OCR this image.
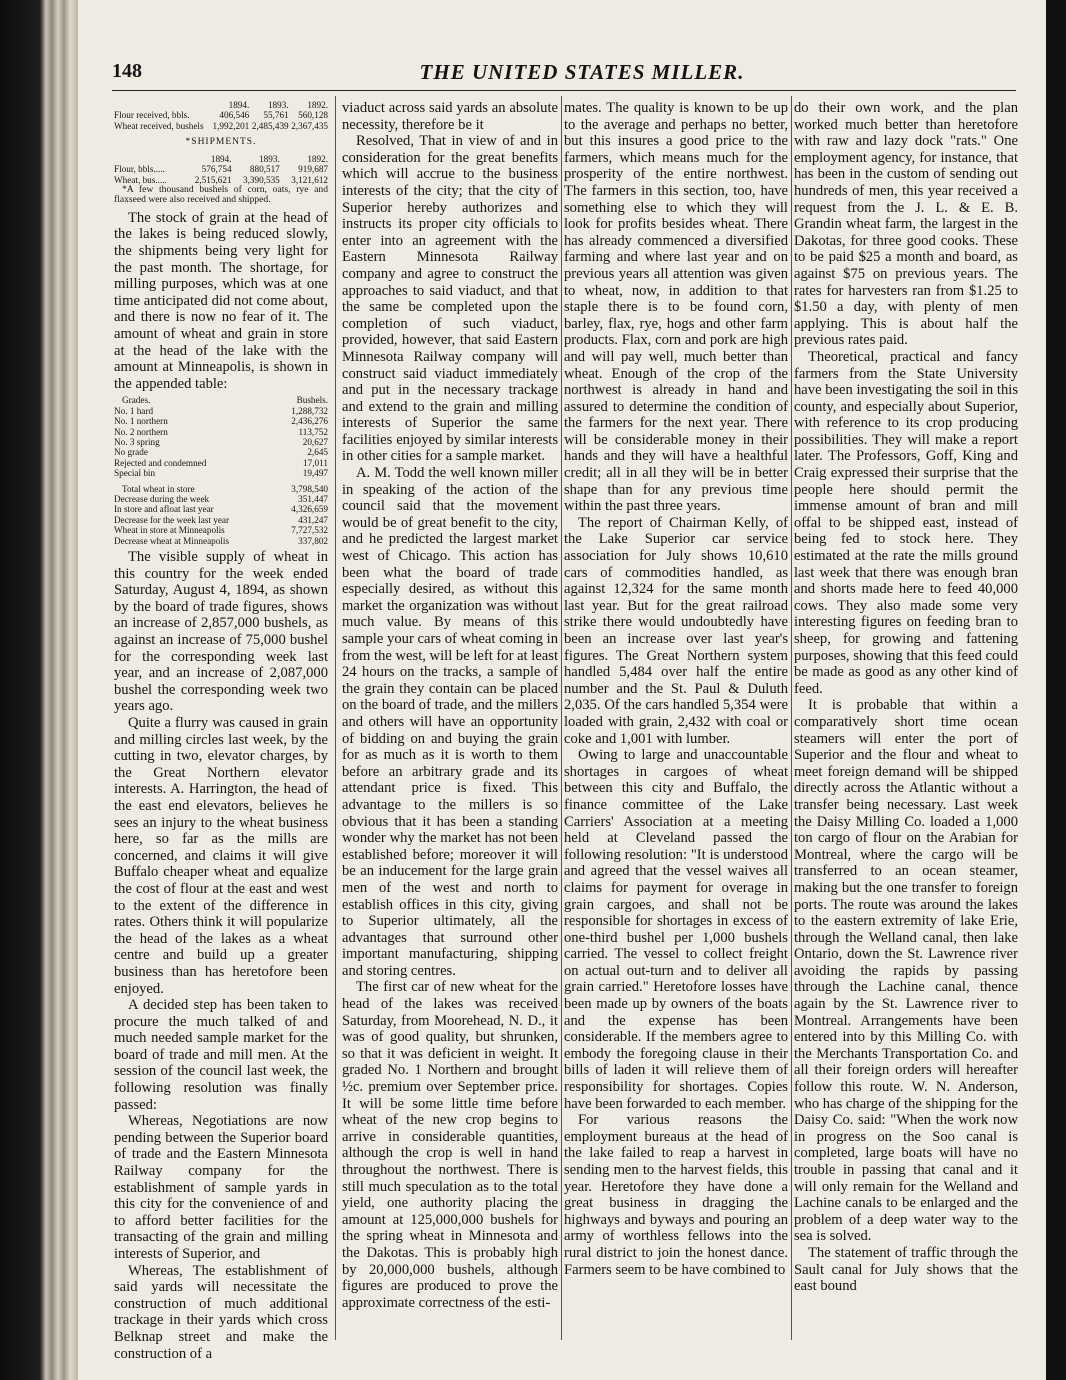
148	THE UNITED STATES MILLER.
	1894.	1893.	1892.
Flour received, bbls.	406,546	55,761	560,128
Wheat received, bushels	1,992,201	2,485,439	2,367,435
*SHIPMENTS.
	1894.	1893.	1892.
Flour, bbls.....	576,754	880,517	919,687
Wheat, bus.....	2,515,621	3,390,535	3,121,612

*A few thousand bushels of corn, oats, rye and flaxseed were also received and shipped.

The stock of grain at the head of the lakes is being reduced slowly, the shipments being very light for the past month. The shortage, for milling purposes, which was at one time anticipated did not come about, and there is now no fear of it. The amount of wheat and grain in store at the head of the lake with the amount at Minneapolis, is shown in the appended table:

Grades.	Bushels.
No. 1 hard	1,288,732
No. 1 northern	2,436,276
No. 2 northern	113,752
No. 3 spring	20,627
No grade	2,645
Rejected and condemned	17,011
Special bin	19,497

Total wheat in store	3,798,540
Decrease during the week	351,447
In store and afloat last year	4,326,659
Decrease for the week last year	431,247
Wheat in store at Minneapolis	7,727,532
Decrease wheat at Minneapolis	337,802

The visible supply of wheat in this country for the week ended Saturday, August 4, 1894, as shown by the board of trade figures, shows an increase of 2,857,000 bushels, as against an increase of 75,000 bushel for the corresponding week last year, and an increase of 2,087,000 bushel the corresponding week two years ago.

Quite a flurry was caused in grain and milling circles last week, by the cutting in two, elevator charges, by the Great Northern elevator interests. A. Harrington, the head of the east end elevators, believes he sees an injury to the wheat business here, so far as the mills are concerned, and claims it will give Buffalo cheaper wheat and equalize the cost of flour at the east and west to the extent of the difference in rates. Others think it will popularize the head of the lakes as a wheat centre and build up a greater business than has heretofore been enjoyed.

A decided step has been taken to procure the much talked of and much needed sample market for the board of trade and mill men. At the session of the council last week, the following resolution was finally passed:

Whereas, Negotiations are now pending between the Superior board of trade and the Eastern Minnesota Railway company for the establishment of sample yards in this city for the convenience of and to afford better facilities for the transacting of the grain and milling interests of Superior, and

Whereas, The establishment of said yards will necessitate the construction of much additional trackage in their yards which cross Belknap street and make the construction of a

viaduct across said yards an absolute necessity, therefore be it

Resolved, That in view of and in consideration for the great benefits which will accrue to the business interests of the city; that the city of Superior hereby authorizes and instructs its proper city officials to enter into an agreement with the Eastern Minnesota Railway company and agree to construct the approaches to said viaduct, and that the same be completed upon the completion of such viaduct, provided, however, that said Eastern Minnesota Railway company will construct said viaduct immediately and put in the necessary trackage and extend to the grain and milling interests of Superior the same facilities enjoyed by similar interests in other cities for a sample market.

A. M. Todd the well known miller in speaking of the action of the council said that the movement would be of great benefit to the city, and he predicted the largest market west of Chicago. This action has been what the board of trade especially desired, as without this market the organization was without much value. By means of this sample your cars of wheat coming in from the west, will be left for at least 24 hours on the tracks, a sample of the grain they contain can be placed on the board of trade, and the millers and others will have an opportunity of bidding on and buying the grain for as much as it is worth to them before an arbitrary grade and its attendant price is fixed. This advantage to the millers is so obvious that it has been a standing wonder why the market has not been established before; moreover it will be an inducement for the large grain men of the west and north to establish offices in this city, giving to Superior ultimately, all the advantages that surround other important manufacturing, shipping and storing centres.

The first car of new wheat for the head of the lakes was received Saturday, from Moorehead, N. D., it was of good quality, but shrunken, so that it was deficient in weight. It graded No. 1 Northern and brought ½c. premium over September price. It will be some little time before wheat of the new crop begins to arrive in considerable quantities, although the crop is well in hand throughout the northwest. There is still much speculation as to the total yield, one authority placing the amount at 125,000,000 bushels for the spring wheat in Minnesota and the Dakotas. This is probably high by 20,000,000 bushels, although figures are produced to prove the approximate correctness of the esti-

mates. The quality is known to be up to the average and perhaps no better, but this insures a good price to the farmers, which means much for the prosperity of the entire northwest. The farmers in this section, too, have something else to which they will look for profits besides wheat. There has already commenced a diversified farming and where last year and on previous years all attention was given to wheat, now, in addition to that staple there is to be found corn, barley, flax, rye, hogs and other farm products. Flax, corn and pork are high and will pay well, much better than wheat. Enough of the crop of the northwest is already in hand and assured to determine the condition of the farmers for the next year. There will be considerable money in their hands and they will have a healthful credit; all in all they will be in better shape than for any previous time within the past three years.

The report of Chairman Kelly, of the Lake Superior car service association for July shows 10,610 cars of commodities handled, as against 12,324 for the same month last year. But for the great railroad strike there would undoubtedly have been an increase over last year's figures. The Great Northern system handled 5,484 over half the entire number and the St. Paul & Duluth 2,035. Of the cars handled 5,354 were loaded with grain, 2,432 with coal or coke and 1,001 with lumber.

Owing to large and unaccountable shortages in cargoes of wheat between this city and Buffalo, the finance committee of the Lake Carriers' Association at a meeting held at Cleveland passed the following resolution: "It is understood and agreed that the vessel waives all claims for payment for overage in grain cargoes, and shall not be responsible for shortages in excess of one-third bushel per 1,000 bushels carried. The vessel to collect freight on actual out-turn and to deliver all grain carried." Heretofore losses have been made up by owners of the boats and the expense has been considerable. If the members agree to embody the foregoing clause in their bills of laden it will relieve them of responsibility for shortages. Copies have been forwarded to each member.

For various reasons the employment bureaus at the head of the lake failed to reap a harvest in sending men to the harvest fields, this year. Heretofore they have done a great business in dragging the highways and byways and pouring an army of worthless fellows into the rural district to join the honest dance. Farmers seem to be have combined to

do their own work, and the plan worked much better than heretofore with raw and lazy dock "rats." One employment agency, for instance, that has been in the custom of sending out hundreds of men, this year received a request from the J. L. & E. B. Grandin wheat farm, the largest in the Dakotas, for three good cooks. These to be paid $25 a month and board, as against $75 on previous years. The rates for harvesters ran from $1.25 to $1.50 a day, with plenty of men applying. This is about half the previous rates paid.

Theoretical, practical and fancy farmers from the State University have been investigating the soil in this county, and especially about Superior, with reference to its crop producing possibilities. They will make a report later. The Professors, Goff, King and Craig expressed their surprise that the people here should permit the immense amount of bran and mill offal to be shipped east, instead of being fed to stock here. They estimated at the rate the mills ground last week that there was enough bran and shorts made here to feed 40,000 cows. They also made some very interesting figures on feeding bran to sheep, for growing and fattening purposes, showing that this feed could be made as good as any other kind of feed.

It is probable that within a comparatively short time ocean steamers will enter the port of Superior and the flour and wheat to meet foreign demand will be shipped directly across the Atlantic without a transfer being necessary. Last week the Daisy Milling Co. loaded a 1,000 ton cargo of flour on the Arabian for Montreal, where the cargo will be transferred to an ocean steamer, making but the one transfer to foreign ports. The route was around the lakes to the eastern extremity of lake Erie, through the Welland canal, then lake Ontario, down the St. Lawrence river avoiding the rapids by passing through the Lachine canal, thence again by the St. Lawrence river to Montreal. Arrangements have been entered into by this Milling Co. with the Merchants Transportation Co. and all their foreign orders will hereafter follow this route. W. N. Anderson, who has charge of the shipping for the Daisy Co. said: "When the work now in progress on the Soo canal is completed, large boats will have no trouble in passing that canal and it will only remain for the Welland and Lachine canals to be enlarged and the problem of a deep water way to the sea is solved.

The statement of traffic through the Sault canal for July shows that the east bound
